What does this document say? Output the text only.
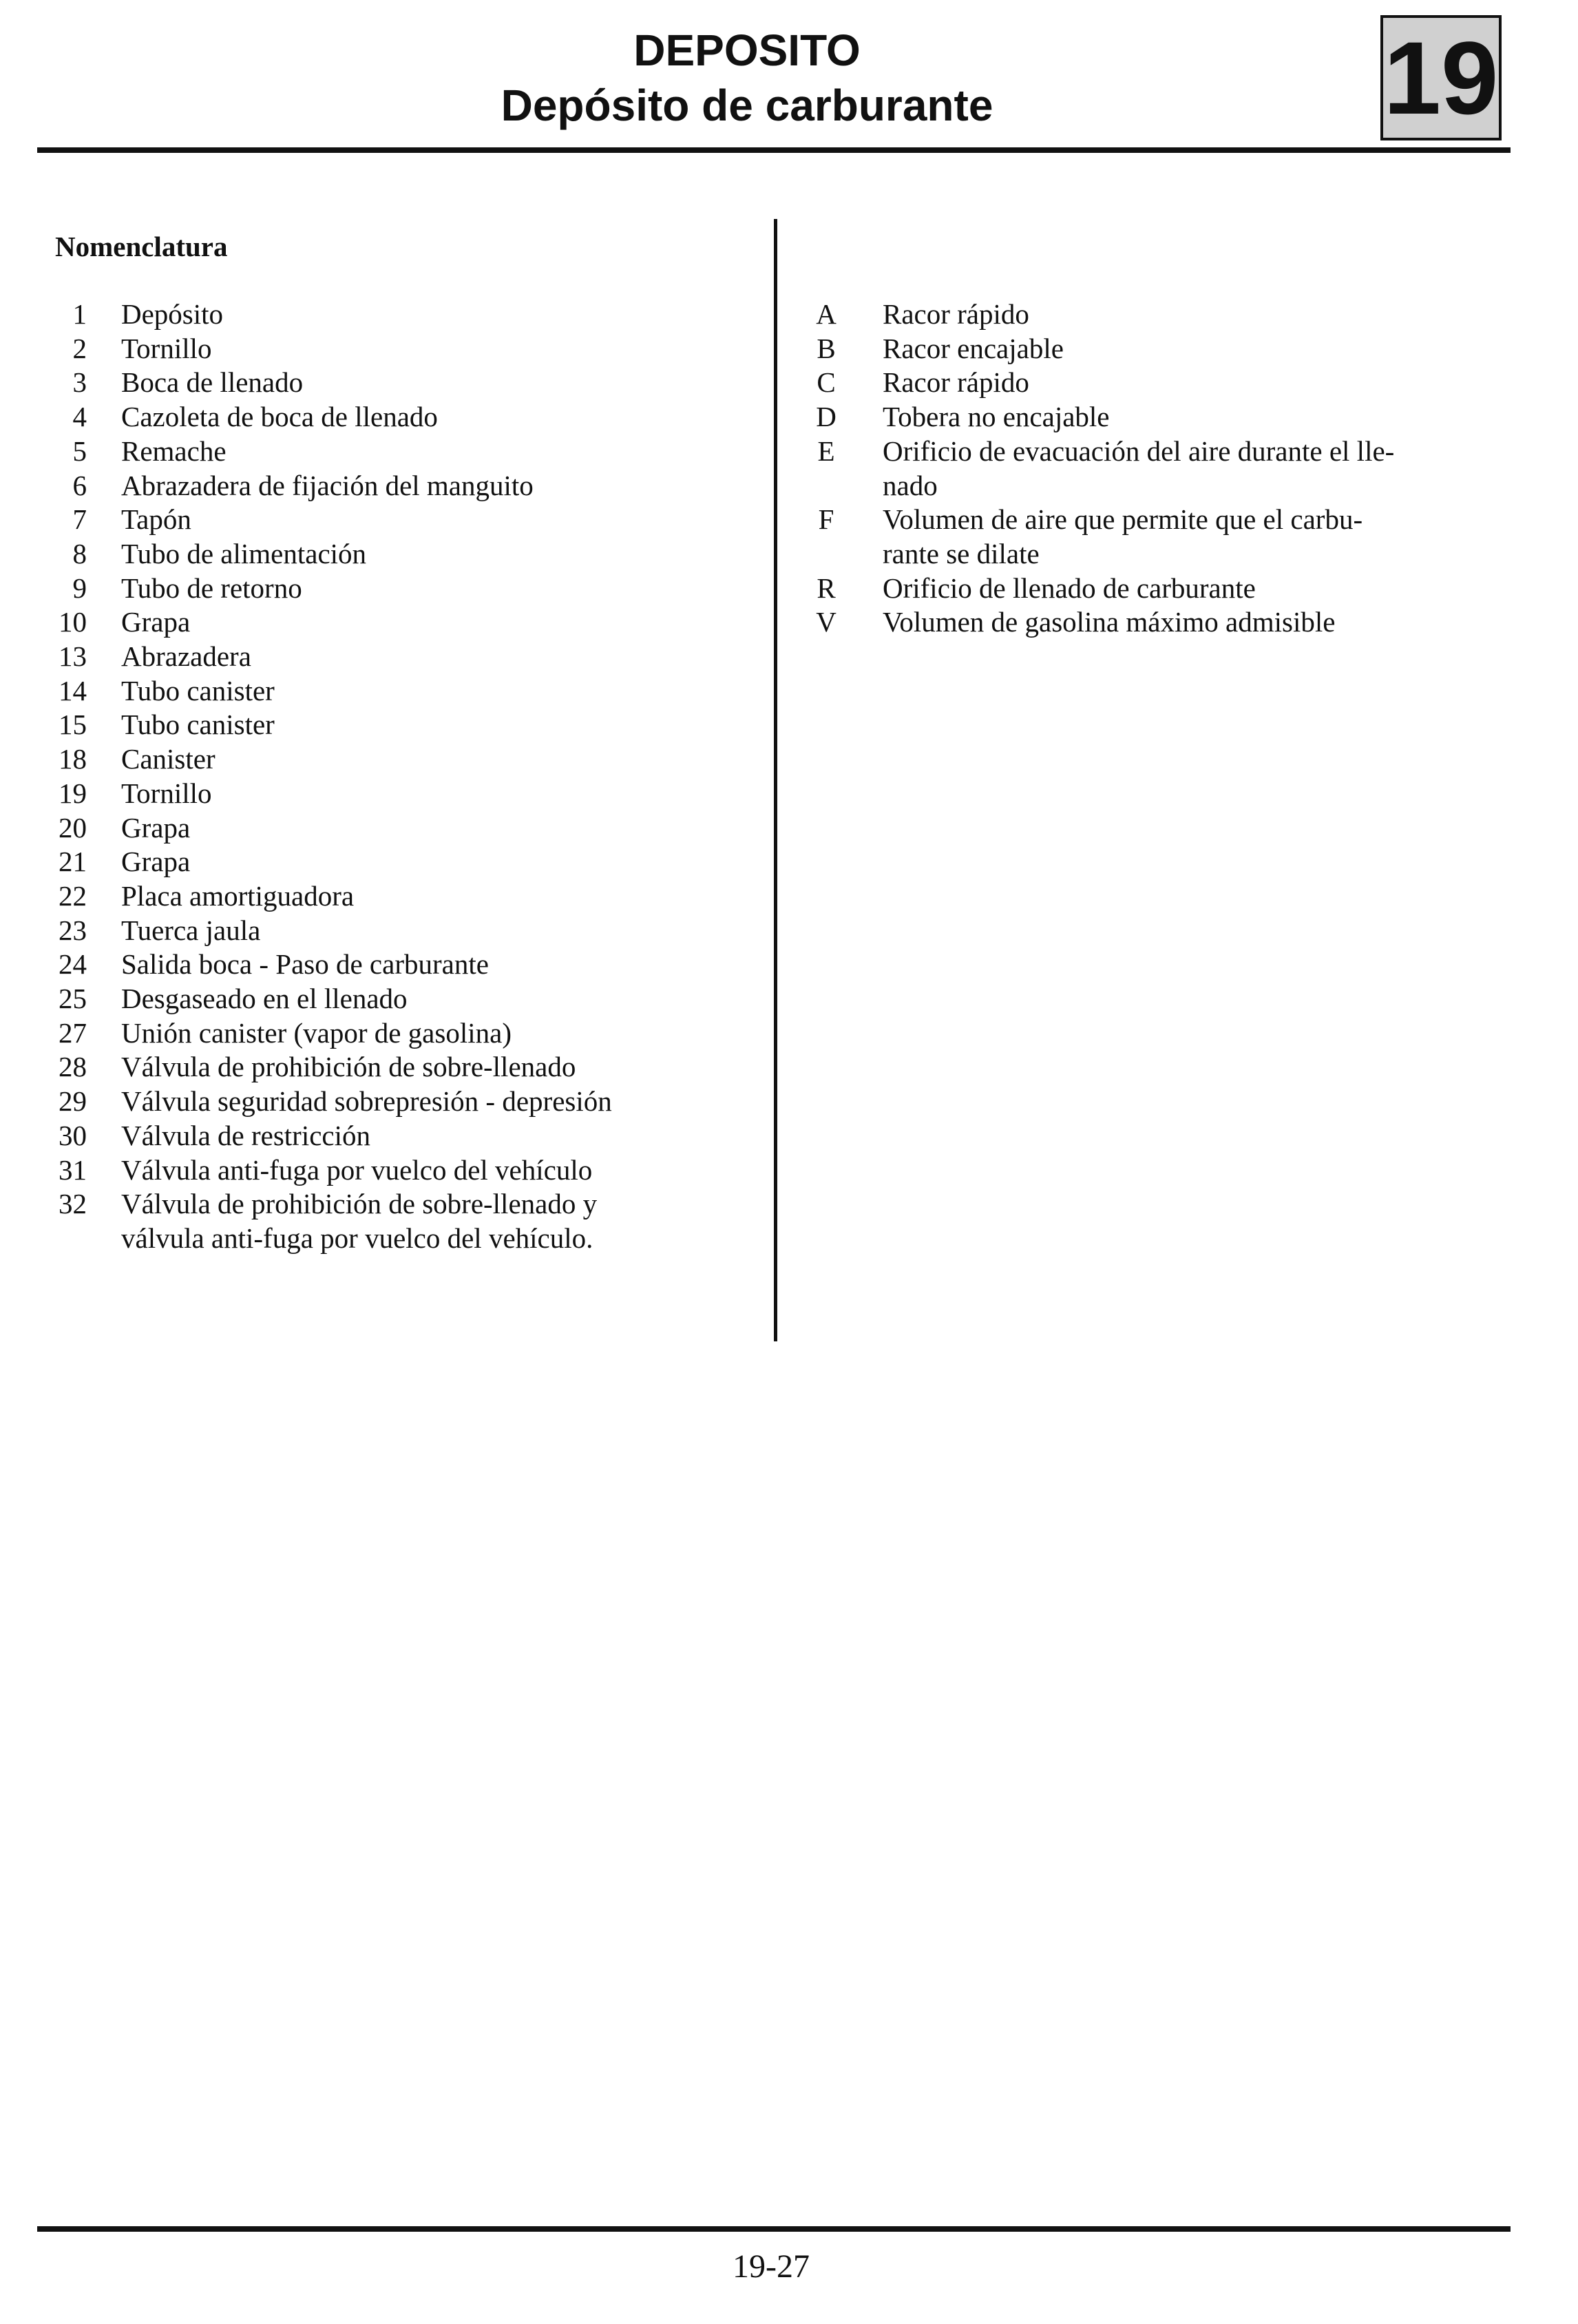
DEPOSITO
Depósito de carburante	19
Nomenclatura
1 Depósito
2 Tornillo
3 Boca de llenado
4 Cazoleta de boca de llenado
5 Remache
6 Abrazadera de fijación del manguito
7 Tapón
8 Tubo de alimentación
9 Tubo de retorno
10 Grapa
13 Abrazadera
14 Tubo canister
15 Tubo canister
18 Canister
19 Tornillo
20 Grapa
21 Grapa
22 Placa amortiguadora
23 Tuerca jaula
24 Salida boca - Paso de carburante
25 Desgaseado en el llenado
27 Unión canister (vapor de gasolina)
28 Válvula de prohibición de sobre-llenado
29 Válvula seguridad sobrepresión - depresión
30 Válvula de restricción
31 Válvula anti-fuga por vuelco del vehículo
32 Válvula de prohibición de sobre-llenado y
válvula anti-fuga por vuelco del vehículo.
A Racor rápido
B Racor encajable
C Racor rápido
D Tobera no encajable
E Orificio de evacuación del aire durante el lle-
nado
F Volumen de aire que permite que el carbu-
rante se dilate
R Orificio de llenado de carburante
V Volumen de gasolina máximo admisible
19-27
